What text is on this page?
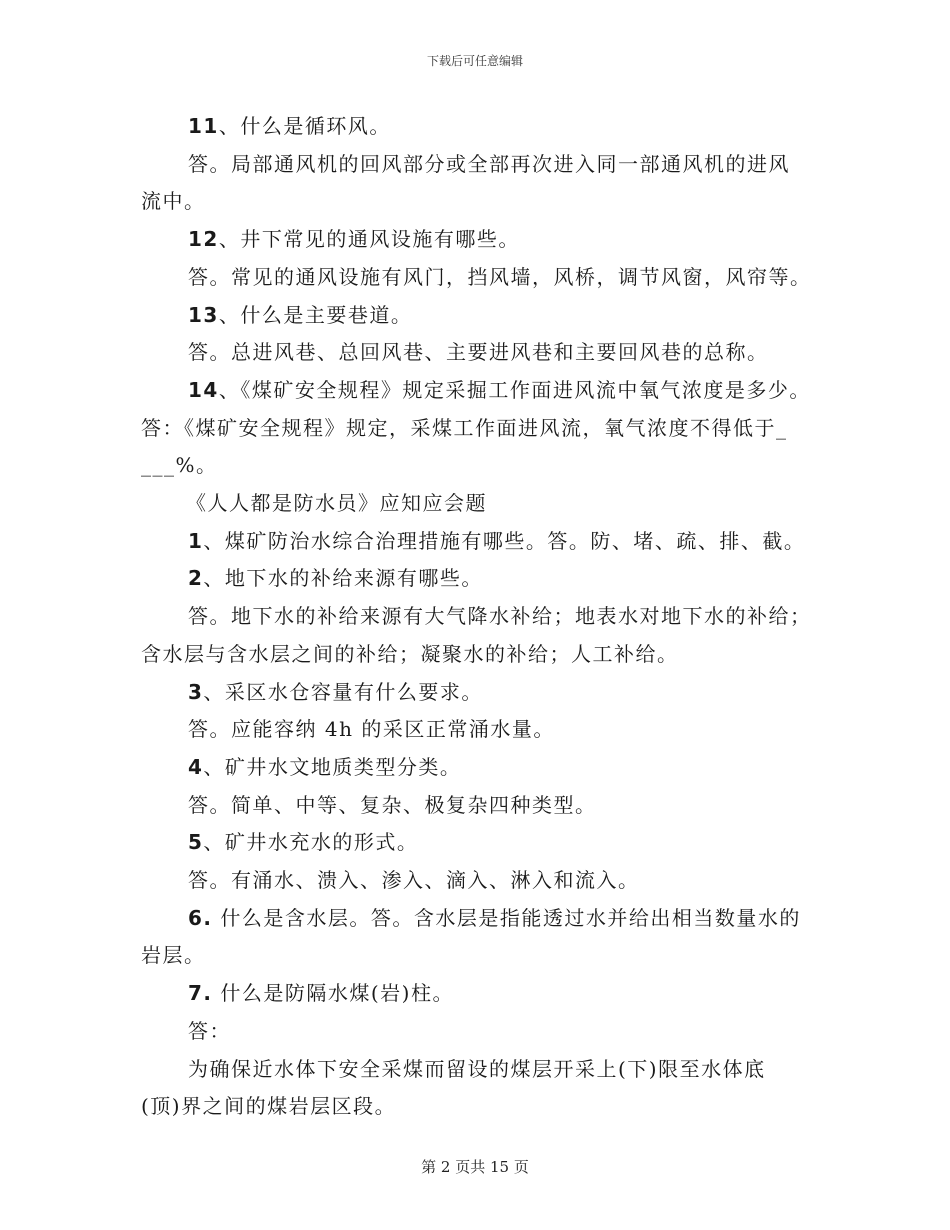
下载后可任意编辑
11、什么是循环风。
答。局部通风机的回风部分或全部再次进入同一部通风机的进风
流中。
12、井下常见的通风设施有哪些。
答。常见的通风设施有风门，挡风墙，风桥，调节风窗，风帘等。
13、什么是主要巷道。
答。总进风巷、总回风巷、主要进风巷和主要回风巷的总称。
14、《煤矿安全规程》规定采掘工作面进风流中氧气浓度是多少。
答：《煤矿安全规程》规定，采煤工作面进风流，氧气浓度不得低于_
___%。
《人人都是防水员》应知应会题
1、煤矿防治水综合治理措施有哪些。答。防、堵、疏、排、截。
2、地下水的补给来源有哪些。
答。地下水的补给来源有大气降水补给；地表水对地下水的补给；
含水层与含水层之间的补给；凝聚水的补给；人工补给。
3、采区水仓容量有什么要求。
答。应能容纳 4h 的采区正常涌水量。
4、矿井水文地质类型分类。
答。简单、中等、复杂、极复杂四种类型。
5、矿井水充水的形式。
答。有涌水、溃入、渗入、滴入、淋入和流入。
6. 什么是含水层。答。含水层是指能透过水并给出相当数量水的
岩层。
7. 什么是防隔水煤(岩)柱。
答：
为确保近水体下安全采煤而留设的煤层开采上(下)限至水体底
(顶)界之间的煤岩层区段。
第 2 页共 15 页
